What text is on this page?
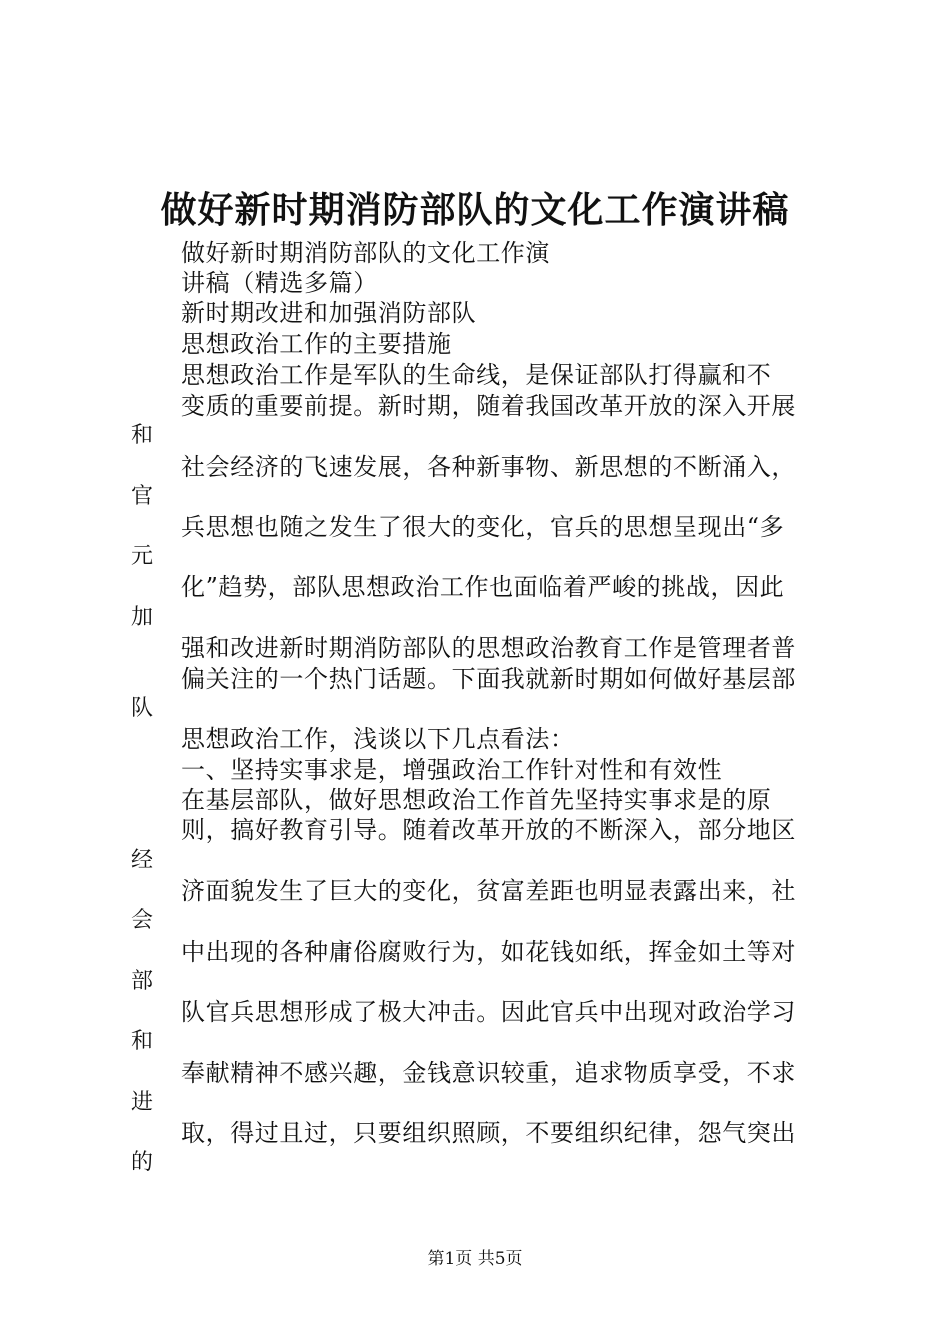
做好新时期消防部队的文化工作演讲稿
做好新时期消防部队的文化工作演
讲稿（精选多篇）
新时期改进和加强消防部队
思想政治工作的主要措施
思想政治工作是军队的生命线，是保证部队打得赢和不
变质的重要前提。新时期，随着我国改革开放的深入开展
社会经济的飞速发展，各种新事物、新思想的不断涌入，
兵思想也随之发生了很大的变化，官兵的思想呈现出“多
化”趋势，部队思想政治工作也面临着严峻的挑战，因此
强和改进新时期消防部队的思想政治教育工作是管理者普
偏关注的一个热门话题。下面我就新时期如何做好基层部
思想政治工作，浅谈以下几点看法：
一、坚持实事求是，增强政治工作针对性和有效性
在基层部队，做好思想政治工作首先坚持实事求是的原
则，搞好教育引导。随着改革开放的不断深入，部分地区
济面貌发生了巨大的变化，贫富差距也明显表露出来，社
中出现的各种庸俗腐败行为，如花钱如纸，挥金如土等对
队官兵思想形成了极大冲击。因此官兵中出现对政治学习
奉献精神不感兴趣，金钱意识较重，追求物质享受，不求
取，得过且过，只要组织照顾，不要组织纪律，怨气突出
和
官
元
加
队
经
会
部
和
进
的
第1页 共5页
